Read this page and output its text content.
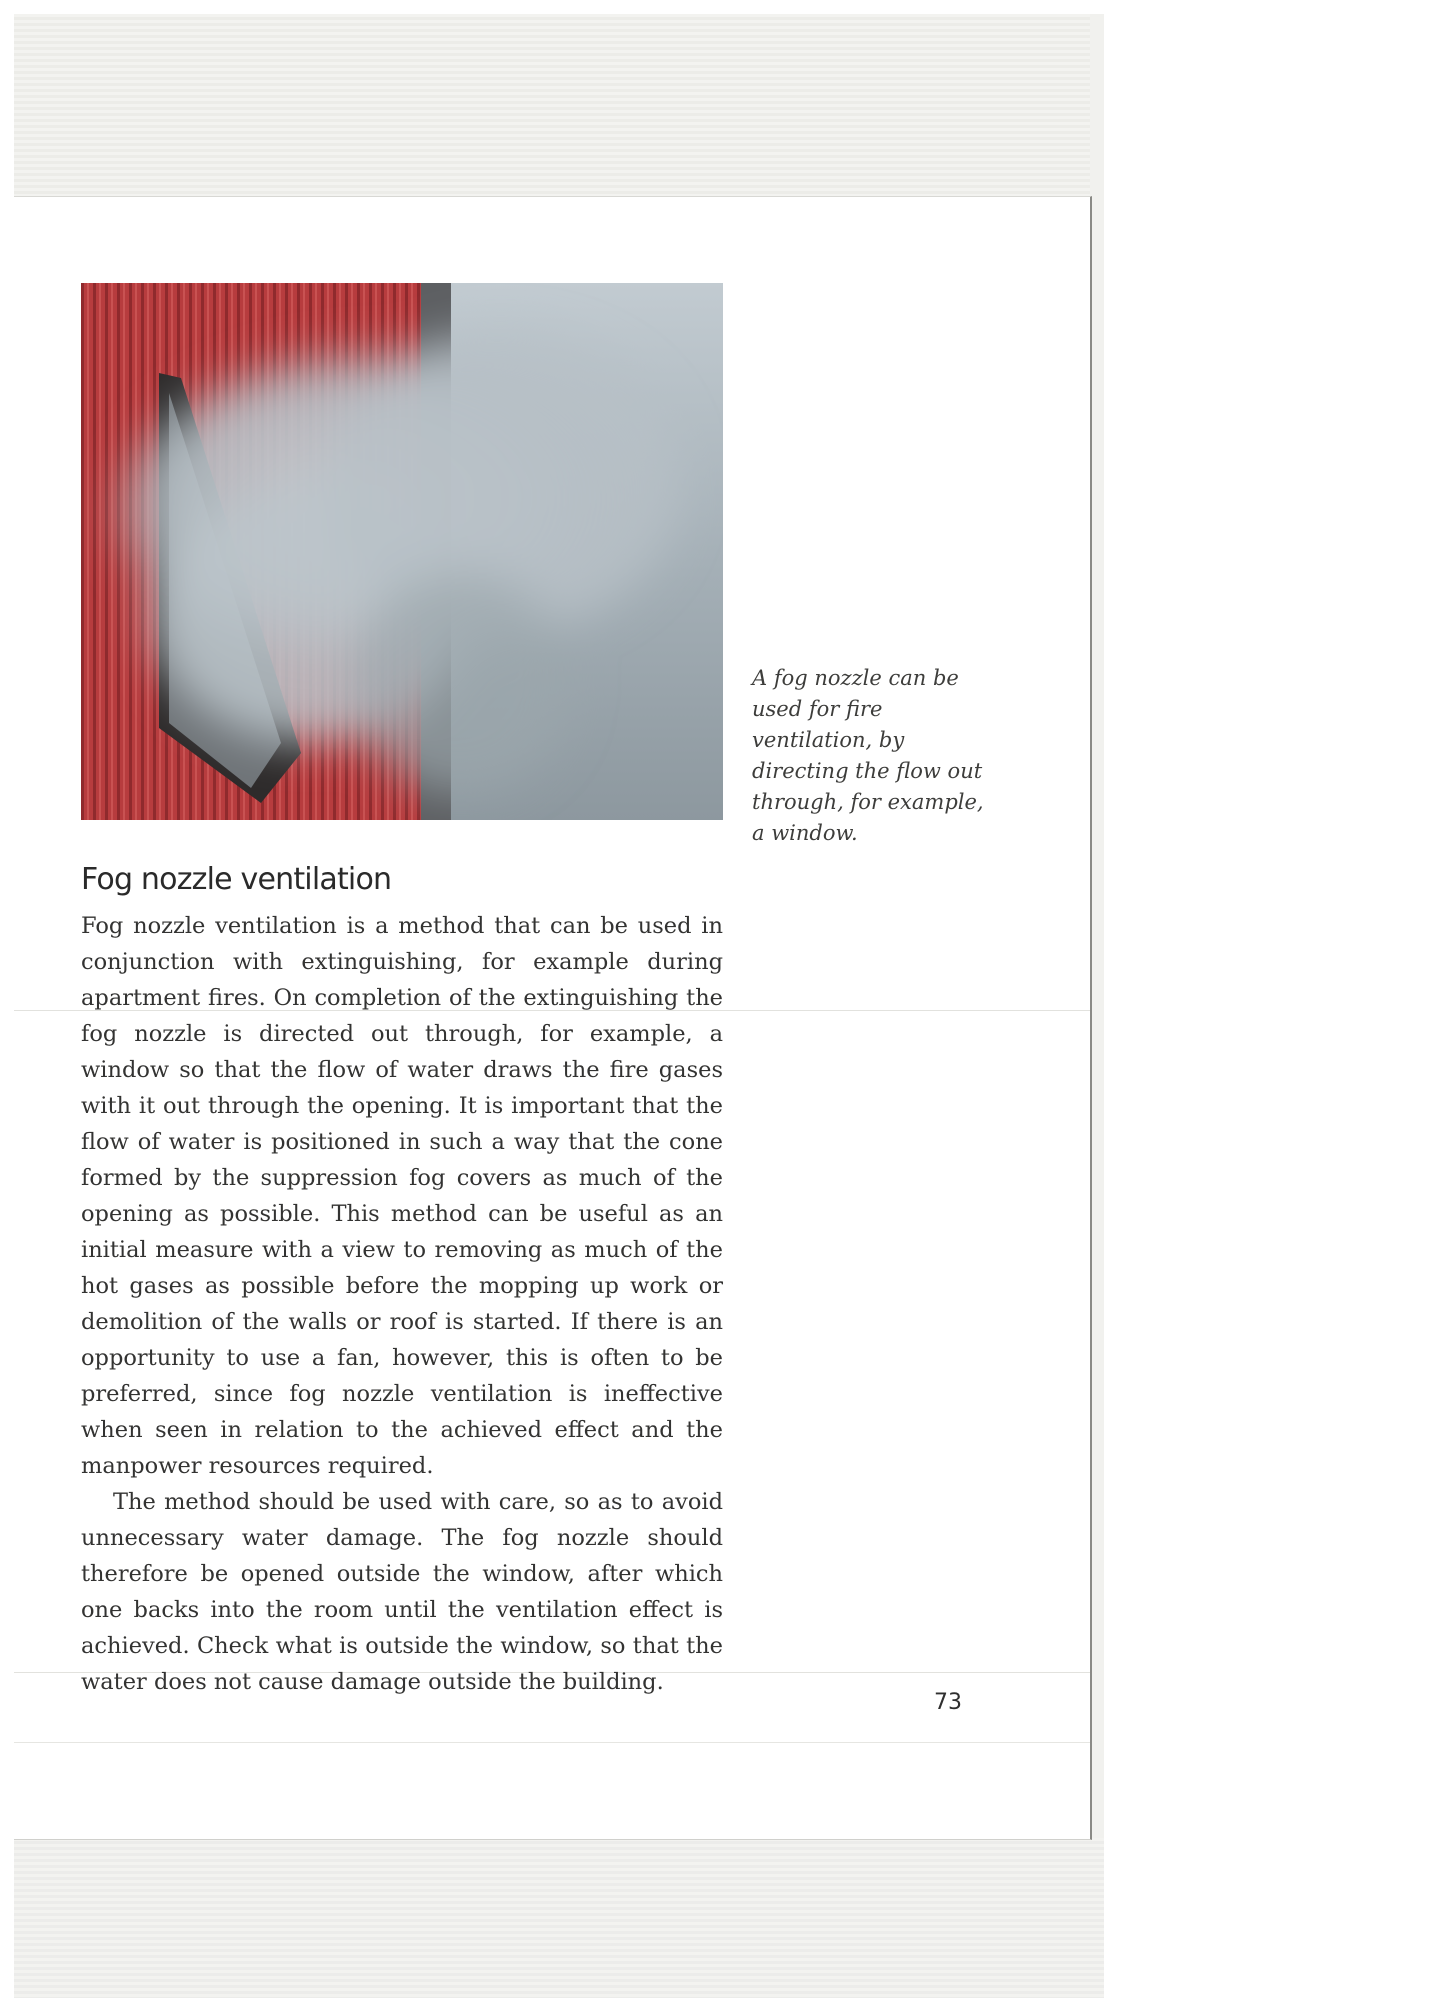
A fog nozzle can be used for fire ventilation, by directing the flow out through, for example, a window.

Fog nozzle ventilation

Fog nozzle ventilation is a method that can be used in conjunction with extinguishing, for example during apartment fires. On completion of the extinguishing the fog nozzle is directed out through, for example, a window so that the flow of water draws the fire gases with it out through the opening. It is important that the flow of water is positioned in such a way that the cone formed by the suppression fog covers as much of the opening as possible. This method can be useful as an initial measure with a view to removing as much of the hot gases as possible before the mopping up work or demolition of the walls or roof is started. If there is an opportunity to use a fan, however, this is often to be preferred, since fog nozzle ventilation is ineffective when seen in relation to the achieved effect and the manpower resources required.

The method should be used with care, so as to avoid unnecessary water damage. The fog nozzle should therefore be opened outside the window, after which one backs into the room until the ventilation effect is achieved. Check what is outside the window, so that the water does not cause damage outside the building.

73
